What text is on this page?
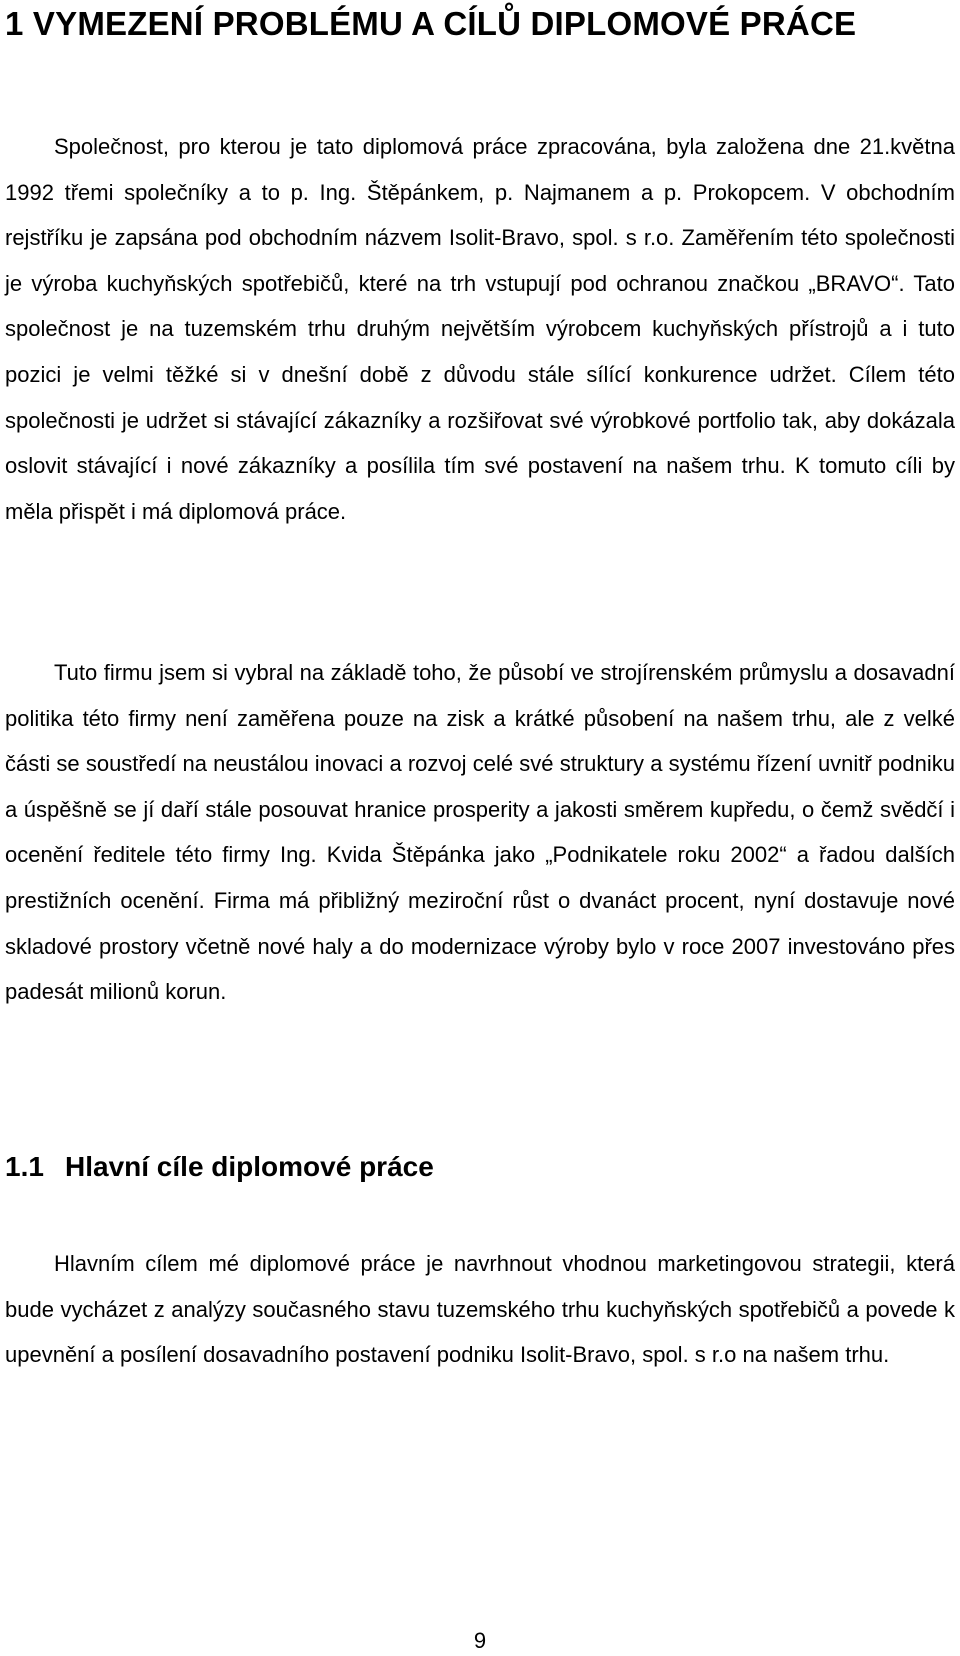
1 VYMEZENÍ PROBLÉMU A CÍLŮ DIPLOMOVÉ PRÁCE

Společnost, pro kterou je tato diplomová práce zpracována, byla založena dne 21.května 1992 třemi společníky a to p. Ing. Štěpánkem, p. Najmanem a p. Prokopcem. V obchodním rejstříku je zapsána pod obchodním názvem Isolit-Bravo, spol. s r.o. Zaměřením této společnosti je výroba kuchyňských spotřebičů, které na trh vstupují pod ochranou značkou „BRAVO“. Tato společnost je na tuzemském trhu druhým největším výrobcem kuchyňských přístrojů a i tuto pozici je velmi těžké si v dnešní době z důvodu stále sílící konkurence udržet. Cílem této společnosti je udržet si stávající zákazníky a rozšiřovat své výrobkové portfolio tak, aby dokázala oslovit stávající i nové zákazníky a posílila tím své postavení na našem trhu. K tomuto cíli by měla přispět i má diplomová práce.

Tuto firmu jsem si vybral na základě toho, že působí ve strojírenském průmyslu a dosavadní politika této firmy není zaměřena pouze na zisk a krátké působení na našem trhu, ale z velké části se soustředí na neustálou inovaci a rozvoj celé své struktury a systému řízení uvnitř podniku a úspěšně se jí daří stále posouvat hranice prosperity a jakosti směrem kupředu, o čemž svědčí i ocenění ředitele této firmy Ing. Kvida Štěpánka jako „Podnikatele roku 2002“ a řadou dalších prestižních ocenění. Firma má přibližný meziroční růst o dvanáct procent, nyní dostavuje nové skladové prostory včetně nové haly a do modernizace výroby bylo v roce 2007 investováno přes padesát milionů korun.

1.1 Hlavní cíle diplomové práce

Hlavním cílem mé diplomové práce je navrhnout vhodnou marketingovou strategii, která bude vycházet z analýzy současného stavu tuzemského trhu kuchyňských spotřebičů a povede k upevnění a posílení dosavadního postavení podniku Isolit-Bravo, spol. s r.o na našem trhu.

9
